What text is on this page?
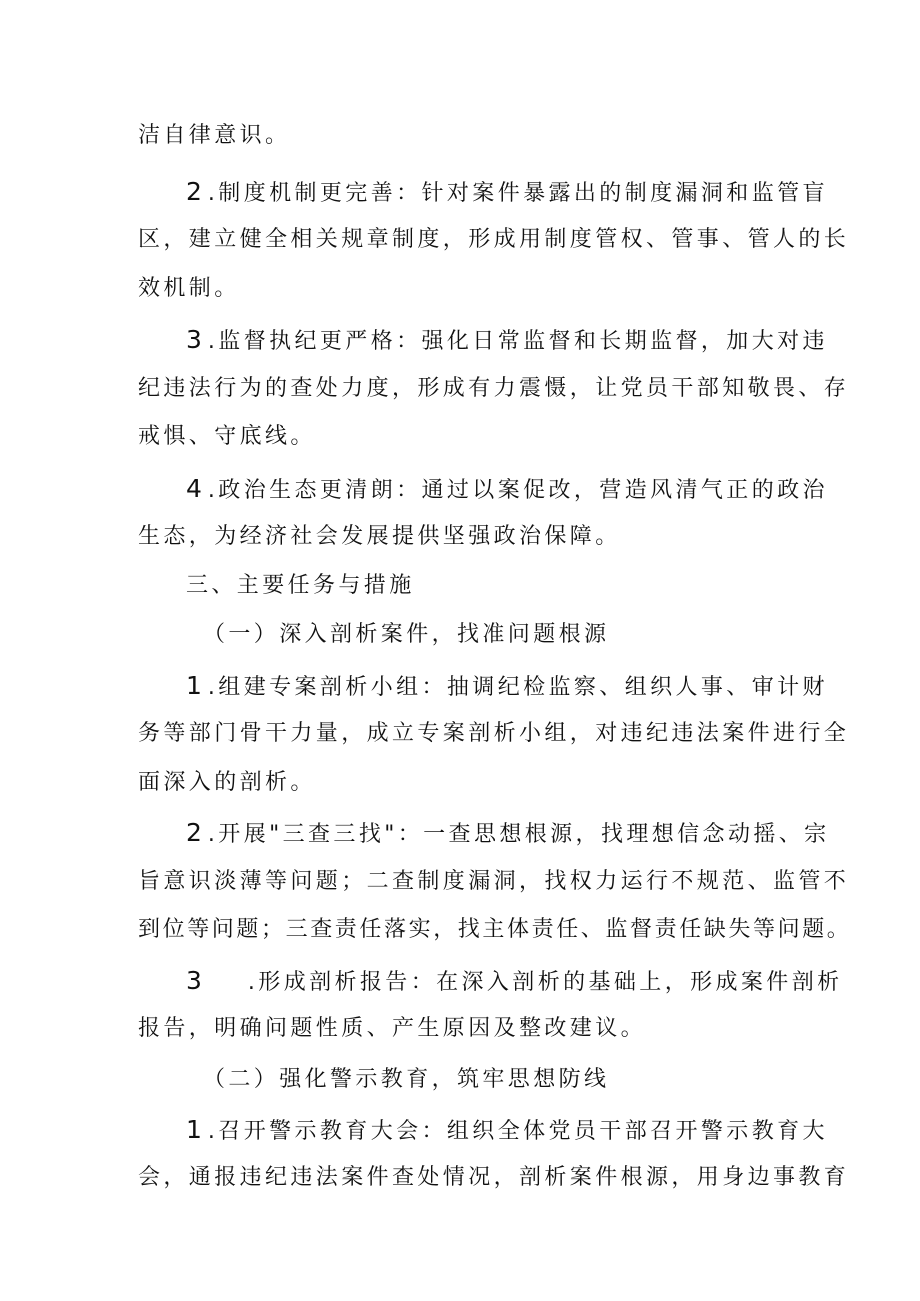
洁自律意识。
2 .制度机制更完善：针对案件暴露出的制度漏洞和监管盲
区，建立健全相关规章制度，形成用制度管权、管事、管人的长
效机制。
3 .监督执纪更严格：强化日常监督和长期监督，加大对违
纪违法行为的查处力度，形成有力震慑，让党员干部知敬畏、存
戒惧、守底线。
4 .政治生态更清朗：通过以案促改，营造风清气正的政治
生态，为经济社会发展提供坚强政治保障。
三、主要任务与措施
（一）深入剖析案件，找准问题根源
1 .组建专案剖析小组：抽调纪检监察、组织人事、审计财
务等部门骨干力量，成立专案剖析小组，对违纪违法案件进行全
面深入的剖析。
2 .开展"三查三找"：一查思想根源，找理想信念动摇、宗
旨意识淡薄等问题；二查制度漏洞，找权力运行不规范、监管不
到位等问题；三查责任落实，找主体责任、监督责任缺失等问题。
3 .形成剖析报告：在深入剖析的基础上，形成案件剖析
报告，明确问题性质、产生原因及整改建议。
（二）强化警示教育，筑牢思想防线
1 .召开警示教育大会：组织全体党员干部召开警示教育大
会，通报违纪违法案件查处情况，剖析案件根源，用身边事教育
